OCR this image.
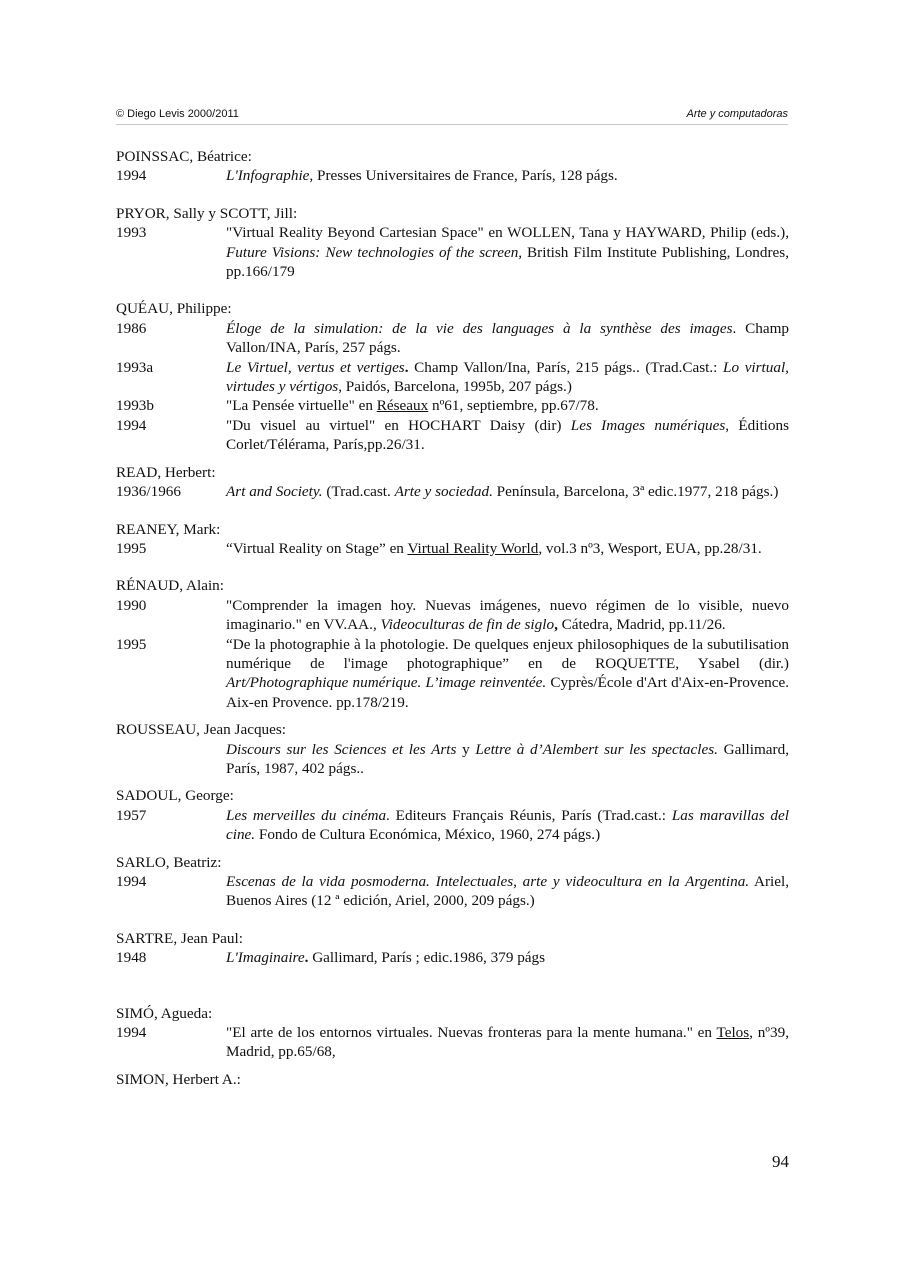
© Diego Levis 2000/2011	Arte y computadoras
POINSSAC, Béatrice:
1994	L'Infographie, Presses Universitaires de France, París, 128 págs.
PRYOR, Sally y SCOTT, Jill:
1993	"Virtual Reality Beyond Cartesian Space" en WOLLEN, Tana y HAYWARD, Philip (eds.), Future Visions: New technologies of the screen, British Film Institute Publishing, Londres, pp.166/179
QUÉAU, Philippe:
1986	Éloge de la simulation: de la vie des languages à la synthèse des images. Champ Vallon/INA, París, 257 págs.
1993a	Le Virtuel, vertus et vertiges. Champ Vallon/Ina, París, 215 págs.. (Trad.Cast.: Lo virtual, virtudes y vértigos, Paidós, Barcelona, 1995b, 207 págs.)
1993b	"La Pensée virtuelle" en Réseaux nº61, septiembre, pp.67/78.
1994	"Du visuel au virtuel" en HOCHART Daisy (dir) Les Images numériques, Éditions Corlet/Télérama, París,pp.26/31.
READ, Herbert:
1936/1966	Art and Society. (Trad.cast. Arte y sociedad. Península, Barcelona, 3ª edic.1977, 218 págs.)
REANEY, Mark:
1995	“Virtual Reality on Stage” en Virtual Reality World, vol.3 nº3, Wesport, EUA, pp.28/31.
RÉNAUD, Alain:
1990	"Comprender la imagen hoy. Nuevas imágenes, nuevo régimen de lo visible, nuevo imaginario." en VV.AA., Videoculturas de fin de siglo, Cátedra, Madrid, pp.11/26.
1995	“De la photographie à la photologie. De quelques enjeux philosophiques de la subutilisation numérique de l'image photographique” en de ROQUETTE, Ysabel (dir.) Art/Photographique numérique. L’image reinventée. Cyprès/École d'Art d'Aix-en-Provence. Aix-en Provence. pp.178/219.
ROUSSEAU, Jean Jacques:
Discours sur les Sciences et les Arts y Lettre à d’Alembert sur les spectacles. Gallimard, París, 1987, 402 págs..
SADOUL, George:
1957	Les merveilles du cinéma. Editeurs Français Réunis, París (Trad.cast.: Las maravillas del cine. Fondo de Cultura Económica, México, 1960, 274 págs.)
SARLO, Beatriz:
1994	Escenas de la vida posmoderna. Intelectuales, arte y videocultura en la Argentina. Ariel, Buenos Aires (12 ª edición, Ariel, 2000, 209 págs.)
SARTRE, Jean Paul:
1948	L'Imaginaire. Gallimard, París ; edic.1986, 379 págs
SIMÓ, Agueda:
1994	"El arte de los entornos virtuales. Nuevas fronteras para la mente humana." en Telos, nº39, Madrid, pp.65/68,
SIMON, Herbert A.:
94
